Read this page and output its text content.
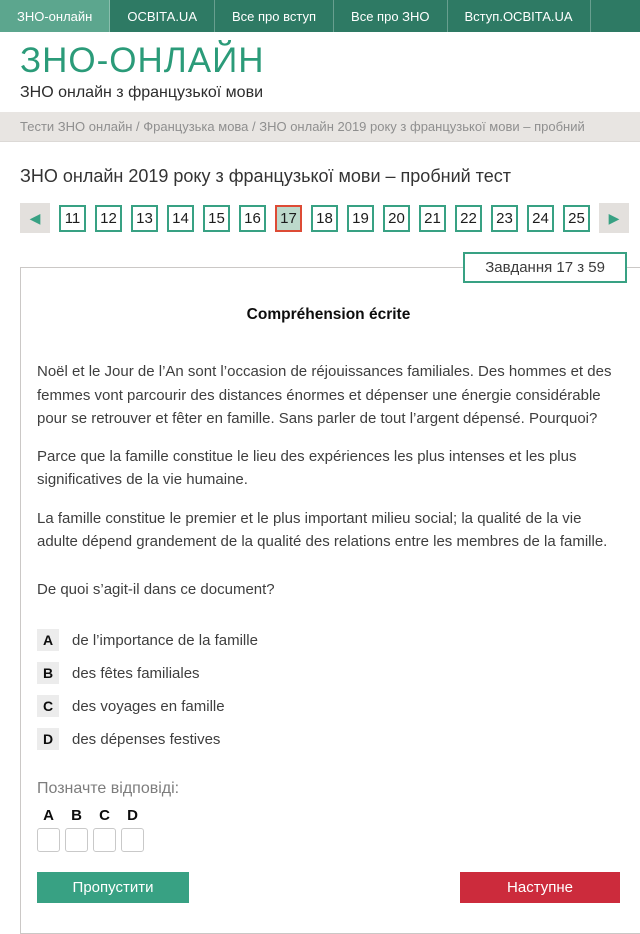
ЗНО-онлайн	ОСВІТА.UA	Все про вступ	Все про ЗНО	Вступ.ОСВІТА.UA
ЗНО-ОНЛАЙН
ЗНО онлайн з французької мови
Тести ЗНО онлайн / Французька мова / ЗНО онлайн 2019 року з французької мови – пробний
ЗНО онлайн 2019 року з французької мови – пробний тест
◀	11	12	13	14	15	16	17	18	19	20	21	22	23	24	25	▶
Завдання 17 з 59
Compréhension écrite

Noël et le Jour de l’An sont l’occasion de réjouissances familiales. Des hommes et des femmes vont parcourir des distances énormes et dépenser une énergie considérable pour se retrouver et fêter en famille. Sans parler de tout l’argent dépensé. Pourquoi?

Parce que la famille constitue le lieu des expériences les plus intenses et les plus significatives de la vie humaine.

La famille constitue le premier et le plus important milieu social; la qualité de la vie adulte dépend grandement de la qualité des relations entre les membres de la famille.

De quoi s’agit-il dans ce document?

A	de l’importance de la famille
B	des fêtes familiales
C	des voyages en famille
D	des dépenses festives
Позначте відповіді:
A	B	C	D
Пропустити	Наступне
